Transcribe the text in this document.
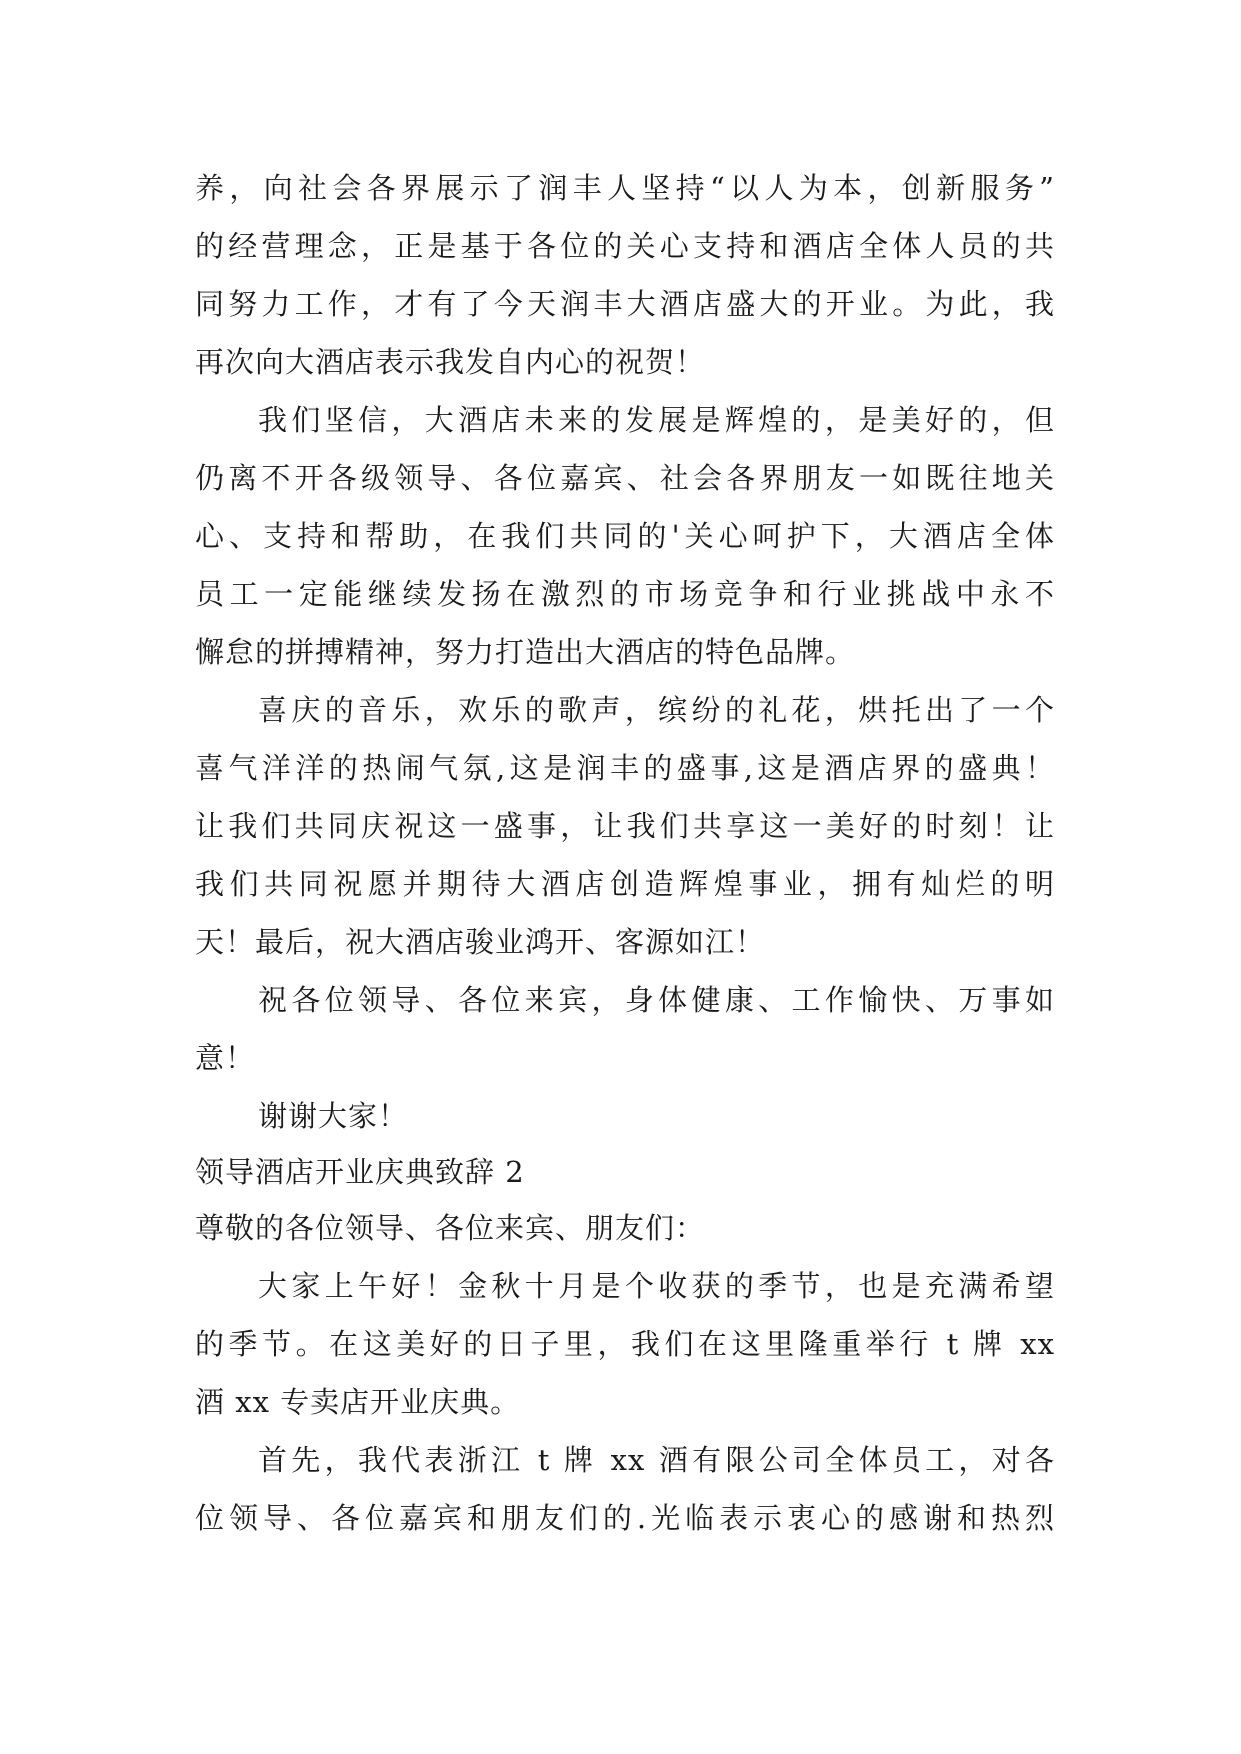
养，向社会各界展示了润丰人坚持“以人为本，创新服务”
的经营理念，正是基于各位的关心支持和酒店全体人员的共
同努力工作，才有了今天润丰大酒店盛大的开业。为此，我
再次向大酒店表示我发自内心的祝贺！
我们坚信，大酒店未来的发展是辉煌的，是美好的，但
仍离不开各级领导、各位嘉宾、社会各界朋友一如既往地关
心、支持和帮助，在我们共同的'关心呵护下，大酒店全体
员工一定能继续发扬在激烈的市场竞争和行业挑战中永不
懈怠的拼搏精神，努力打造出大酒店的特色品牌。
喜庆的音乐，欢乐的歌声，缤纷的礼花，烘托出了一个
喜气洋洋的热闹气氛,这是润丰的盛事,这是酒店界的盛典！
让我们共同庆祝这一盛事，让我们共享这一美好的时刻！让
我们共同祝愿并期待大酒店创造辉煌事业，拥有灿烂的明
天！最后，祝大酒店骏业鸿开、客源如江！
祝各位领导、各位来宾，身体健康、工作愉快、万事如
意！
谢谢大家！
领导酒店开业庆典致辞 2
尊敬的各位领导、各位来宾、朋友们：
大家上午好！金秋十月是个收获的季节，也是充满希望
的季节。在这美好的日子里，我们在这里隆重举行 t 牌 xx
酒 xx 专卖店开业庆典。
首先，我代表浙江 t 牌 xx 酒有限公司全体员工，对各
位领导、各位嘉宾和朋友们的.光临表示衷心的感谢和热烈
